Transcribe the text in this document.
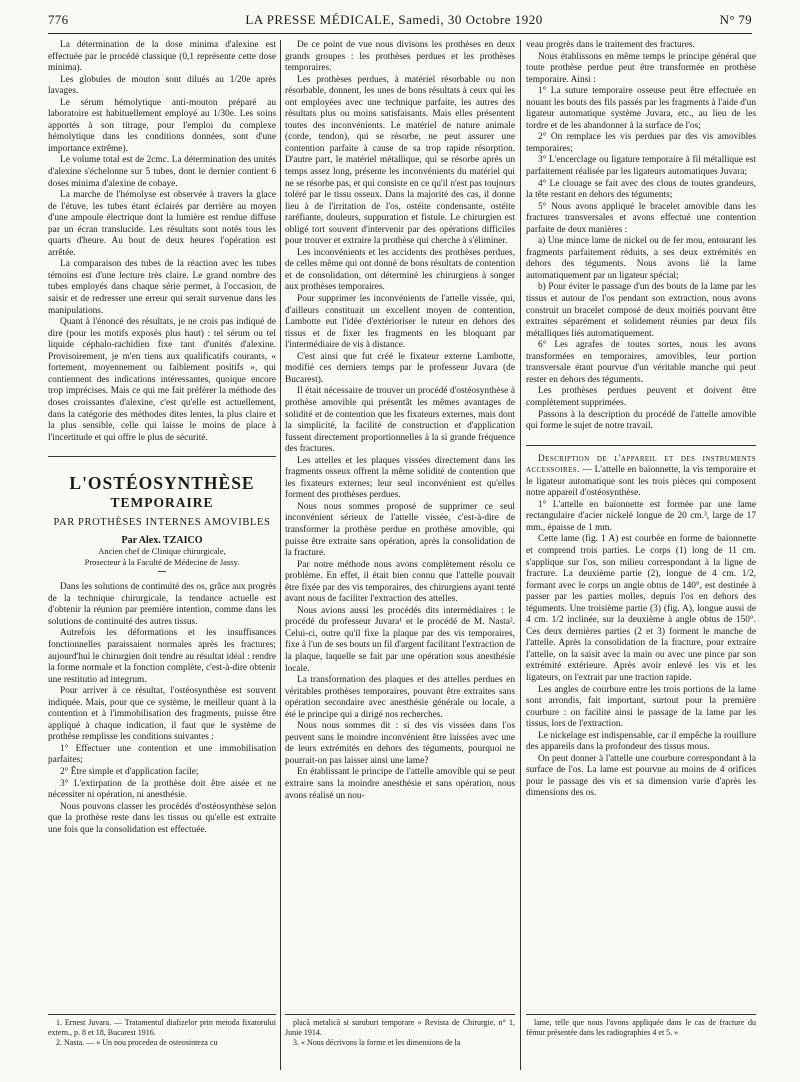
776	LA PRESSE MÉDICALE, Samedi, 30 Octobre 1920	N° 79

La détermination de la dose minima d'alexine est effectuée par le procédé classique (0,1 représente cette dose minima).

Les globules de mouton sont dilués au 1/20e après lavages.

Le sérum hémolytique anti-mouton préparé au laboratoire est habituellement employé au 1/30e. Les soins apportés à son titrage, pour l'emploi du complexe hémolytique dans les conditions données, sont d'une importance extrême).

Le volume total est de 2cmc. La détermination des unités d'alexine s'échelonne sur 5 tubes, dont le dernier contient 6 doses minima d'alexine de cobaye.

La marche de l'hémolyse est observée à travers la glace de l'étuve, les tubes étant éclairés par derrière au moyen d'une ampoule électrique dont la lumière est rendue diffuse par un écran translucide. Les résultats sont notés tous les quarts d'heure. Au bout de deux heures l'opération est arrêtée.

La comparaison des tubes de la réaction avec les tubes témoins est d'une lecture très claire. Le grand nombre des tubes employés dans chaque série permet, à l'occasion, de saisir et de redresser une erreur qui serait survenue dans les manipulations.

Quant à l'énoncé des résultats, je ne crois pas indiqué de dire (pour les motifs exposés plus haut) : tel sérum ou tel liquide céphalo-rachidien fixe tant d'unités d'alexine. Provisoirement, je m'en tiens aux qualificatifs courants, « fortement, moyennement ou faiblement positifs », qui contiennent des indications intéressantes, quoique encore trop imprécises. Mais ce qui me fait préférer la méthode des doses croissantes d'alexine, c'est qu'elle est actuellement, dans la catégorie des méthodes dites lentes, la plus claire et la plus sensible, celle qui laisse le moins de place à l'incertitude et qui offre le plus de sécurité.

L'OSTÉOSYNTHÈSE

TEMPORAIRE

PAR PROTHÈSES INTERNES AMOVIBLES

Par Alex. TZAICO

Ancien chef de Clinique chirurgicale,

Prosecteur à la Faculté de Médecine de Jassy.

Dans les solutions de continuité des os, grâce aux progrès de la technique chirurgicale, la tendance actuelle est d'obtenir la réunion par première intention, comme dans les solutions de continuité des autres tissus.

Autrefois les déformations et les insuffisances fonctionnelles paraissaient normales après les fractures; aujourd'hui le chirurgien doit tendre au résultat idéal : rendre la forme normale et la fonction complète, c'est-à-dire obtenir une restitutio ad integrum.

Pour arriver à ce résultat, l'ostéosynthèse est souvent indiquée. Mais, pour que ce système, le meilleur quant à la contention et à l'immobilisation des fragments, puisse être appliqué à chaque indication, il faut que le système de prothèse remplisse les conditions suivantes :

1° Effectuer une contention et une immobilisation parfaites;

2° Être simple et d'application facile;

3° L'extirpation de la prothèse doit être aisée et ne nécessiter ni opération, ni anesthésie.

Nous pouvons classer les procédés d'ostéosynthèse selon que la prothèse reste dans les tissus ou qu'elle est extraite une fois que la consolidation est effectuée.

De ce point de vue nous divisons les prothèses en deux grands groupes : les prothèses perdues et les prothèses temporaires.

Les prothèses perdues, à matériel résorbable ou non résorbable, donnent, les unes de bons résultats à ceux qui les ont employées avec une technique parfaite, les autres des résultats plus ou moins satisfaisants. Mais elles présentent toutes des inconvénients. Le matériel de nature animale (corde, tendon), qui se résorbe, ne peut assurer une contention parfaite à cause de sa trop rapide résorption. D'autre part, le matériel métallique, qui se résorbe après un temps assez long, présente les inconvénients du matériel qui ne se résorbe pas, et qui consiste en ce qu'il n'est pas toujours toléré par le tissu osseux. Dans la majorité des cas, il donne lieu à de l'irritation de l'os, ostéite condensante, ostéite raréfiante, douleurs, suppuration et fistule. Le chirurgien est obligé tort souvent d'intervenir par des opérations difficiles pour trouver et extraire la prothèse qui cherche à s'éliminer.

Les inconvénients et les accidents des prothèses perdues, de celles même qui ont donné de bons résultats de contention et de consolidation, ont déterminé les chirurgiens à songer aux prothèses temporaires.

Pour supprimer les inconvénients de l'attelle vissée, qui, d'ailleurs constituait un excellent moyen de contention, Lambotte eut l'idée d'extérioriser le tuteur en dehors des tissus et de fixer les fragments en les bloquant par l'intermédiaire de vis à distance.

C'est ainsi que fut créé le fixateur externe Lambotte, modifié ces derniers temps par le professeur Juvara (de Bucarest).

Il était nécessaire de trouver un procédé d'ostéosynthèse à prothèse amovible qui présentât les mêmes avantages de solidité et de contention que les fixateurs externes, mais dont la simplicité, la facilité de construction et d'application fussent directement proportionnelles à la si grande fréquence des fractures.

Les attelles et les plaques vissées directement dans les fragments osseux offrent la même solidité de contention que les fixateurs externes; leur seul inconvénient est qu'elles forment des prothèses perdues.

Nous nous sommes proposé de supprimer ce seul inconvénient sérieux de l'attelle vissée, c'est-à-dire de transformer la prothèse perdue en prothèse amovible, qui puisse être extraite sans opération, après la consolidation de la fracture.

Par notre méthode nous avons complètement résolu ce problème. En effet, il était bien connu que l'attelle pouvait être fixée par des vis temporaires, des chirurgiens ayant tenté avant nous de faciliter l'extraction des attelles.

Nous avions aussi les procédés dits intermédiaires : le procédé du professeur Juvara¹ et le procédé de M. Nasta². Celui-ci, outre qu'il fixe la plaque par des vis temporaires, fixe à l'un de ses bouts un fil d'argent facilitant l'extraction de la plaque, laquelle se fait par une opération sous anesthésie locale.

La transformation des plaques et des attelles perdues en véritables prothèses temporaires, pouvant être extraites sans opération secondaire avec anesthésie générale ou locale, a été le principe qui a dirigé nos recherches.

Nous nous sommes dit : si des vis vissées dans l'os peuvent sans le moindre inconvénient être laissées avec une de leurs extrémités en dehors des téguments, pourquoi ne pourrait-on pas laisser ainsi une lame?

En établissant le principe de l'attelle amovible qui se peut extraire sans la moindre anesthésie et sans opération, nous avons réalisé un nou-

veau progrès dans le traitement des fractures.

Nous établissons en même temps le principe général que toute prothèse perdue peut être transformée en prothèse temporaire. Ainsi :

1° La suture temporaire osseuse peut être effectuée en nouant les bouts des fils passés par les fragments à l'aide d'un ligateur automatique système Juvara, etc., au lieu de les tordre et de les abandonner à la surface de l'os;

2° On remplace les vis perdues par des vis amovibles temporaires;

3° L'encerclage ou ligature temporaire à fil métallique est parfaitement réalisée par les ligateurs automatiques Juvara;

4° Le clouage se fait avec des clous de toutes grandeurs, la tête restant en dehors des téguments;

5° Nous avons appliqué le bracelet amovible dans les fractures transversales et avons effectué une contention parfaite de deux manières :

a) Une mince lame de nickel ou de fer mou, entourant les fragments parfaitement réduits, a ses deux extrémités en dehors des téguments. Nous avons lié la lame automatiquement par un ligateur spécial;

b) Pour éviter le passage d'un des bouts de la lame par les tissus et autour de l'os pendant son extraction, nous avons construit un bracelet composé de deux moitiés pouvant être extraites séparément et solidement réunies par deux fils métalliques liés automatiquement.

6° Les agrafes de toutes sortes, nous les avons transformées en temporaires, amovibles, leur portion transversale étant pourvue d'un véritable manche qui peut rester en dehors des téguments.

Les prothèses perdues peuvent et doivent être complètement supprimées.

Passons à la description du procédé de l'attelle amovible qui forme le sujet de notre travail.

Description de l'appareil et des instruments accessoires. — L'attelle en baïonnette, la vis temporaire et le ligateur automatique sont les trois pièces qui composent notre appareil d'ostéosynthèse.

1° L'attelle en baïonnette est formée par une lame rectangulaire d'acier nickelé longue de 20 cm.³, large de 17 mm., épaisse de 1 mm.

Cette lame (fig. 1 A) est courbée en forme de baïonnette et comprend trois parties. Le corps (1) long de 11 cm. s'applique sur l'os, son milieu correspondant à la ligne de fracture. La deuxième partie (2), longue de 4 cm. 1/2, formant avec le corps un angle obtus de 140°, est destinée à passer par les parties molles, depuis l'os en dehors des téguments. Une troisième partie (3) (fig. A), longue aussi de 4 cm. 1/2 inclinée, sur la deuxième à angle obtus de 150°. Ces deux dernières parties (2 et 3) forment le manche de l'attelle. Après la consolidation de la fracture, pour extraire l'attelle, on la saisit avec la main ou avec une pince par son extrémité extérieure. Après avoir enlevé les vis et les ligateurs, on l'extrait par une traction rapide.

Les angles de courbure entre les trois portions de la lame sont arrondis, fait important, surtout pour la première courbure : on facilite ainsi le passage de la lame par les tissus, lors de l'extraction.

Le nickelage est indispensable, car il empêche la rouillure des appareils dans la profondeur des tissus mous.

On peut donner à l'attelle une courbure correspondant à la surface de l'os. La lame est pourvue au moins de 4 orifices pour le passage des vis et sa dimension varie d'après les dimensions des os.

1. Ernest Juvara. — Tratamentul diafizelor prin metoda fixatorului extern., p. 8 et 18, Bucarest 1916.

2. Nasta. — « Un nou procedeu de osteosinteza cu

placă metalică si suruburi temporare » Revista de Chirurgie, n° 1, Junie 1914.

3. « Nous décrivons la forme et les dimensions de la

lame, telle que nous l'avons appliquée dans le cas de fracture du fémur présentée dans les radiographies 4 et 5. »
